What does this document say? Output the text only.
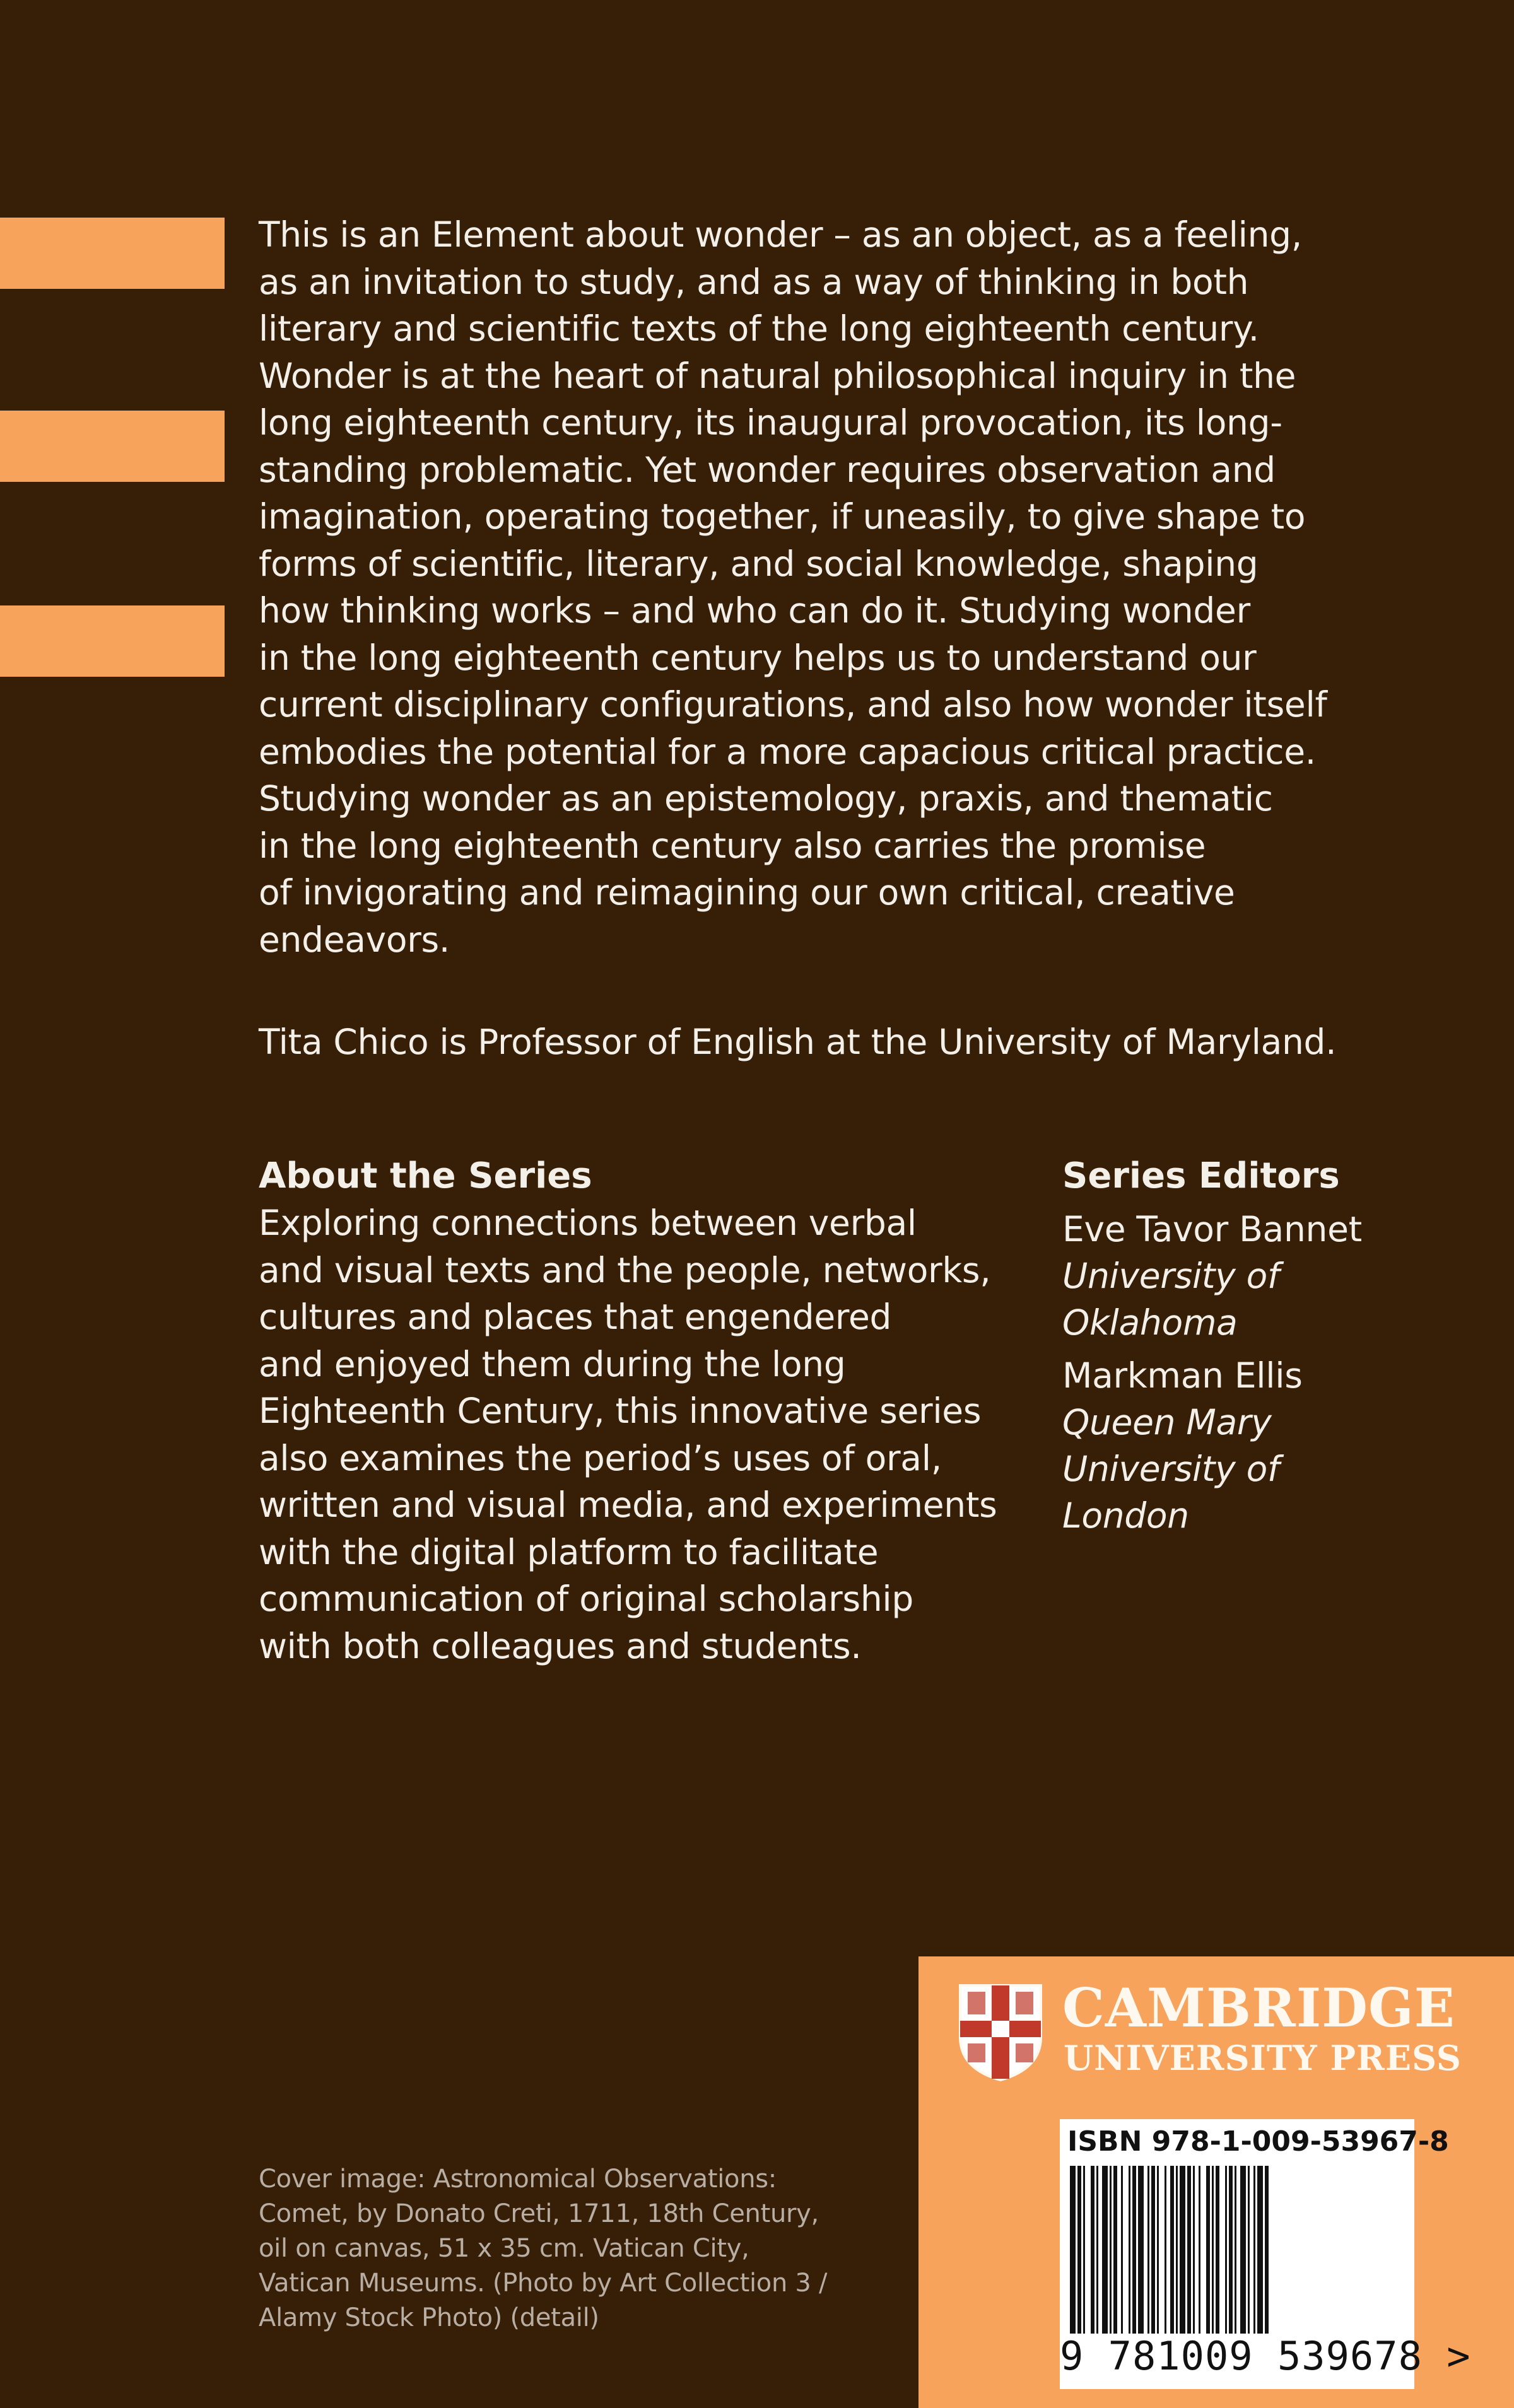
This is an Element about wonder – as an object, as a feeling,
as an invitation to study, and as a way of thinking in both
literary and scientific texts of the long eighteenth century.
Wonder is at the heart of natural philosophical inquiry in the
long eighteenth century, its inaugural provocation, its long-
standing problematic. Yet wonder requires observation and
imagination, operating together, if uneasily, to give shape to
forms of scientific, literary, and social knowledge, shaping
how thinking works – and who can do it. Studying wonder
in the long eighteenth century helps us to understand our
current disciplinary configurations, and also how wonder itself
embodies the potential for a more capacious critical practice.
Studying wonder as an epistemology, praxis, and thematic
in the long eighteenth century also carries the promise
of invigorating and reimagining our own critical, creative
endeavors.

Tita Chico is Professor of English at the University of Maryland.

About the Series
Exploring connections between verbal
and visual texts and the people, networks,
cultures and places that engendered
and enjoyed them during the long
Eighteenth Century, this innovative series
also examines the period’s uses of oral,
written and visual media, and experiments
with the digital platform to facilitate
communication of original scholarship
with both colleagues and students.
Series Editors
Eve Tavor Bannet
University of
Oklahoma
Markman Ellis
Queen Mary
University of
London

Cover image: Astronomical Observations:
Comet, by Donato Creti, 1711, 18th Century,
oil on canvas, 51 x 35 cm. Vatican City,
Vatican Museums. (Photo by Art Collection 3 /
Alamy Stock Photo) (detail)

CAMBRIDGE
UNIVERSITY PRESS
ISBN 978-1-009-53967-8
9 781009 539678 >
